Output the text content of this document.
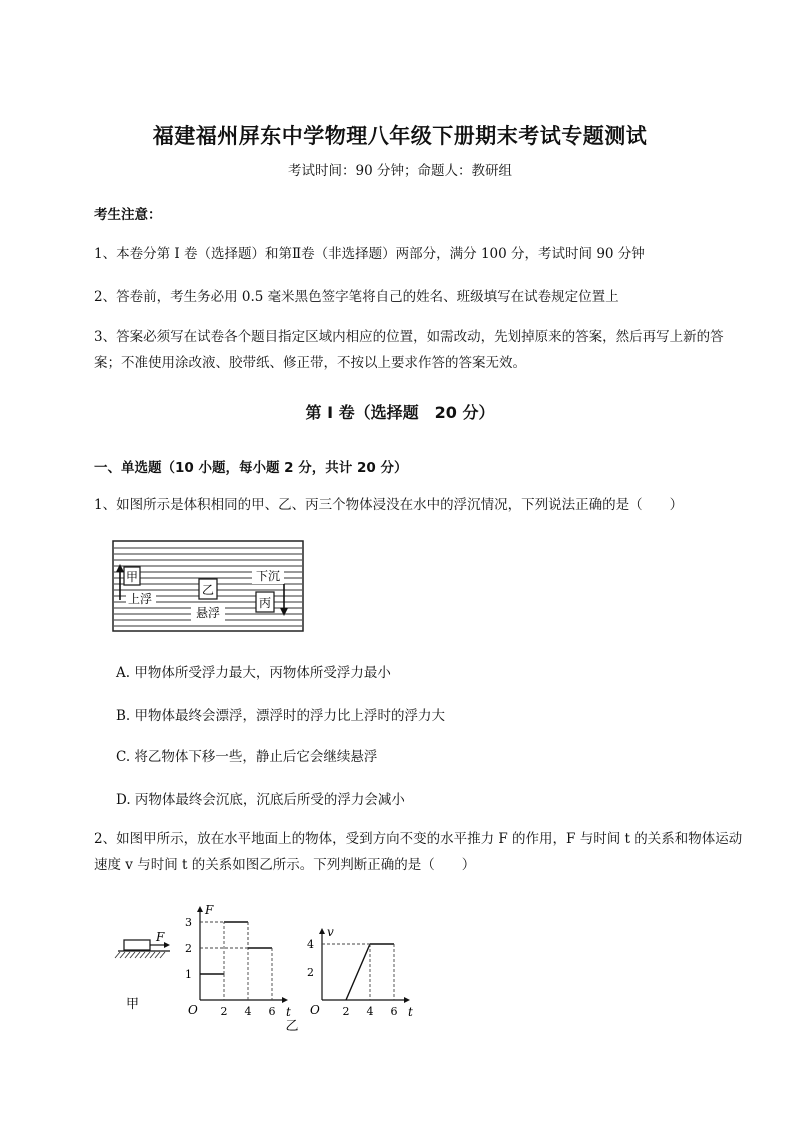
福建福州屏东中学物理八年级下册期末考试专题测试
考试时间：90 分钟；命题人：教研组
考生注意：
1、本卷分第 I 卷（选择题）和第Ⅱ卷（非选择题）两部分，满分 100 分，考试时间 90 分钟
2、答卷前，考生务必用 0.5 毫米黑色签字笔将自己的姓名、班级填写在试卷规定位置上
3、答案必须写在试卷各个题目指定区域内相应的位置，如需改动，先划掉原来的答案，然后再写上新的答案；不准使用涂改液、胶带纸、修正带，不按以上要求作答的答案无效。
第 I 卷（选择题　20 分）
一、单选题（10 小题，每小题 2 分，共计 20 分）
1、如图所示是体积相同的甲、乙、丙三个物体浸没在水中的浮沉情况，下列说法正确的是（　　）
甲
上浮
乙
悬浮
下沉
丙
A. 甲物体所受浮力最大，丙物体所受浮力最小
B. 甲物体最终会漂浮，漂浮时的浮力比上浮时的浮力大
C. 将乙物体下移一些，静止后它会继续悬浮
D. 丙物体最终会沉底，沉底后所受的浮力会减小
2、如图甲所示，放在水平地面上的物体，受到方向不变的水平推力 F 的作用，F 与时间 t 的关系和物体运动速度 v 与时间 t 的关系如图乙所示。下列判断正确的是（　　）
F
甲	t
F
O 2 4 6
1
2
3
t
v
O 2 4 6
2
4
乙
